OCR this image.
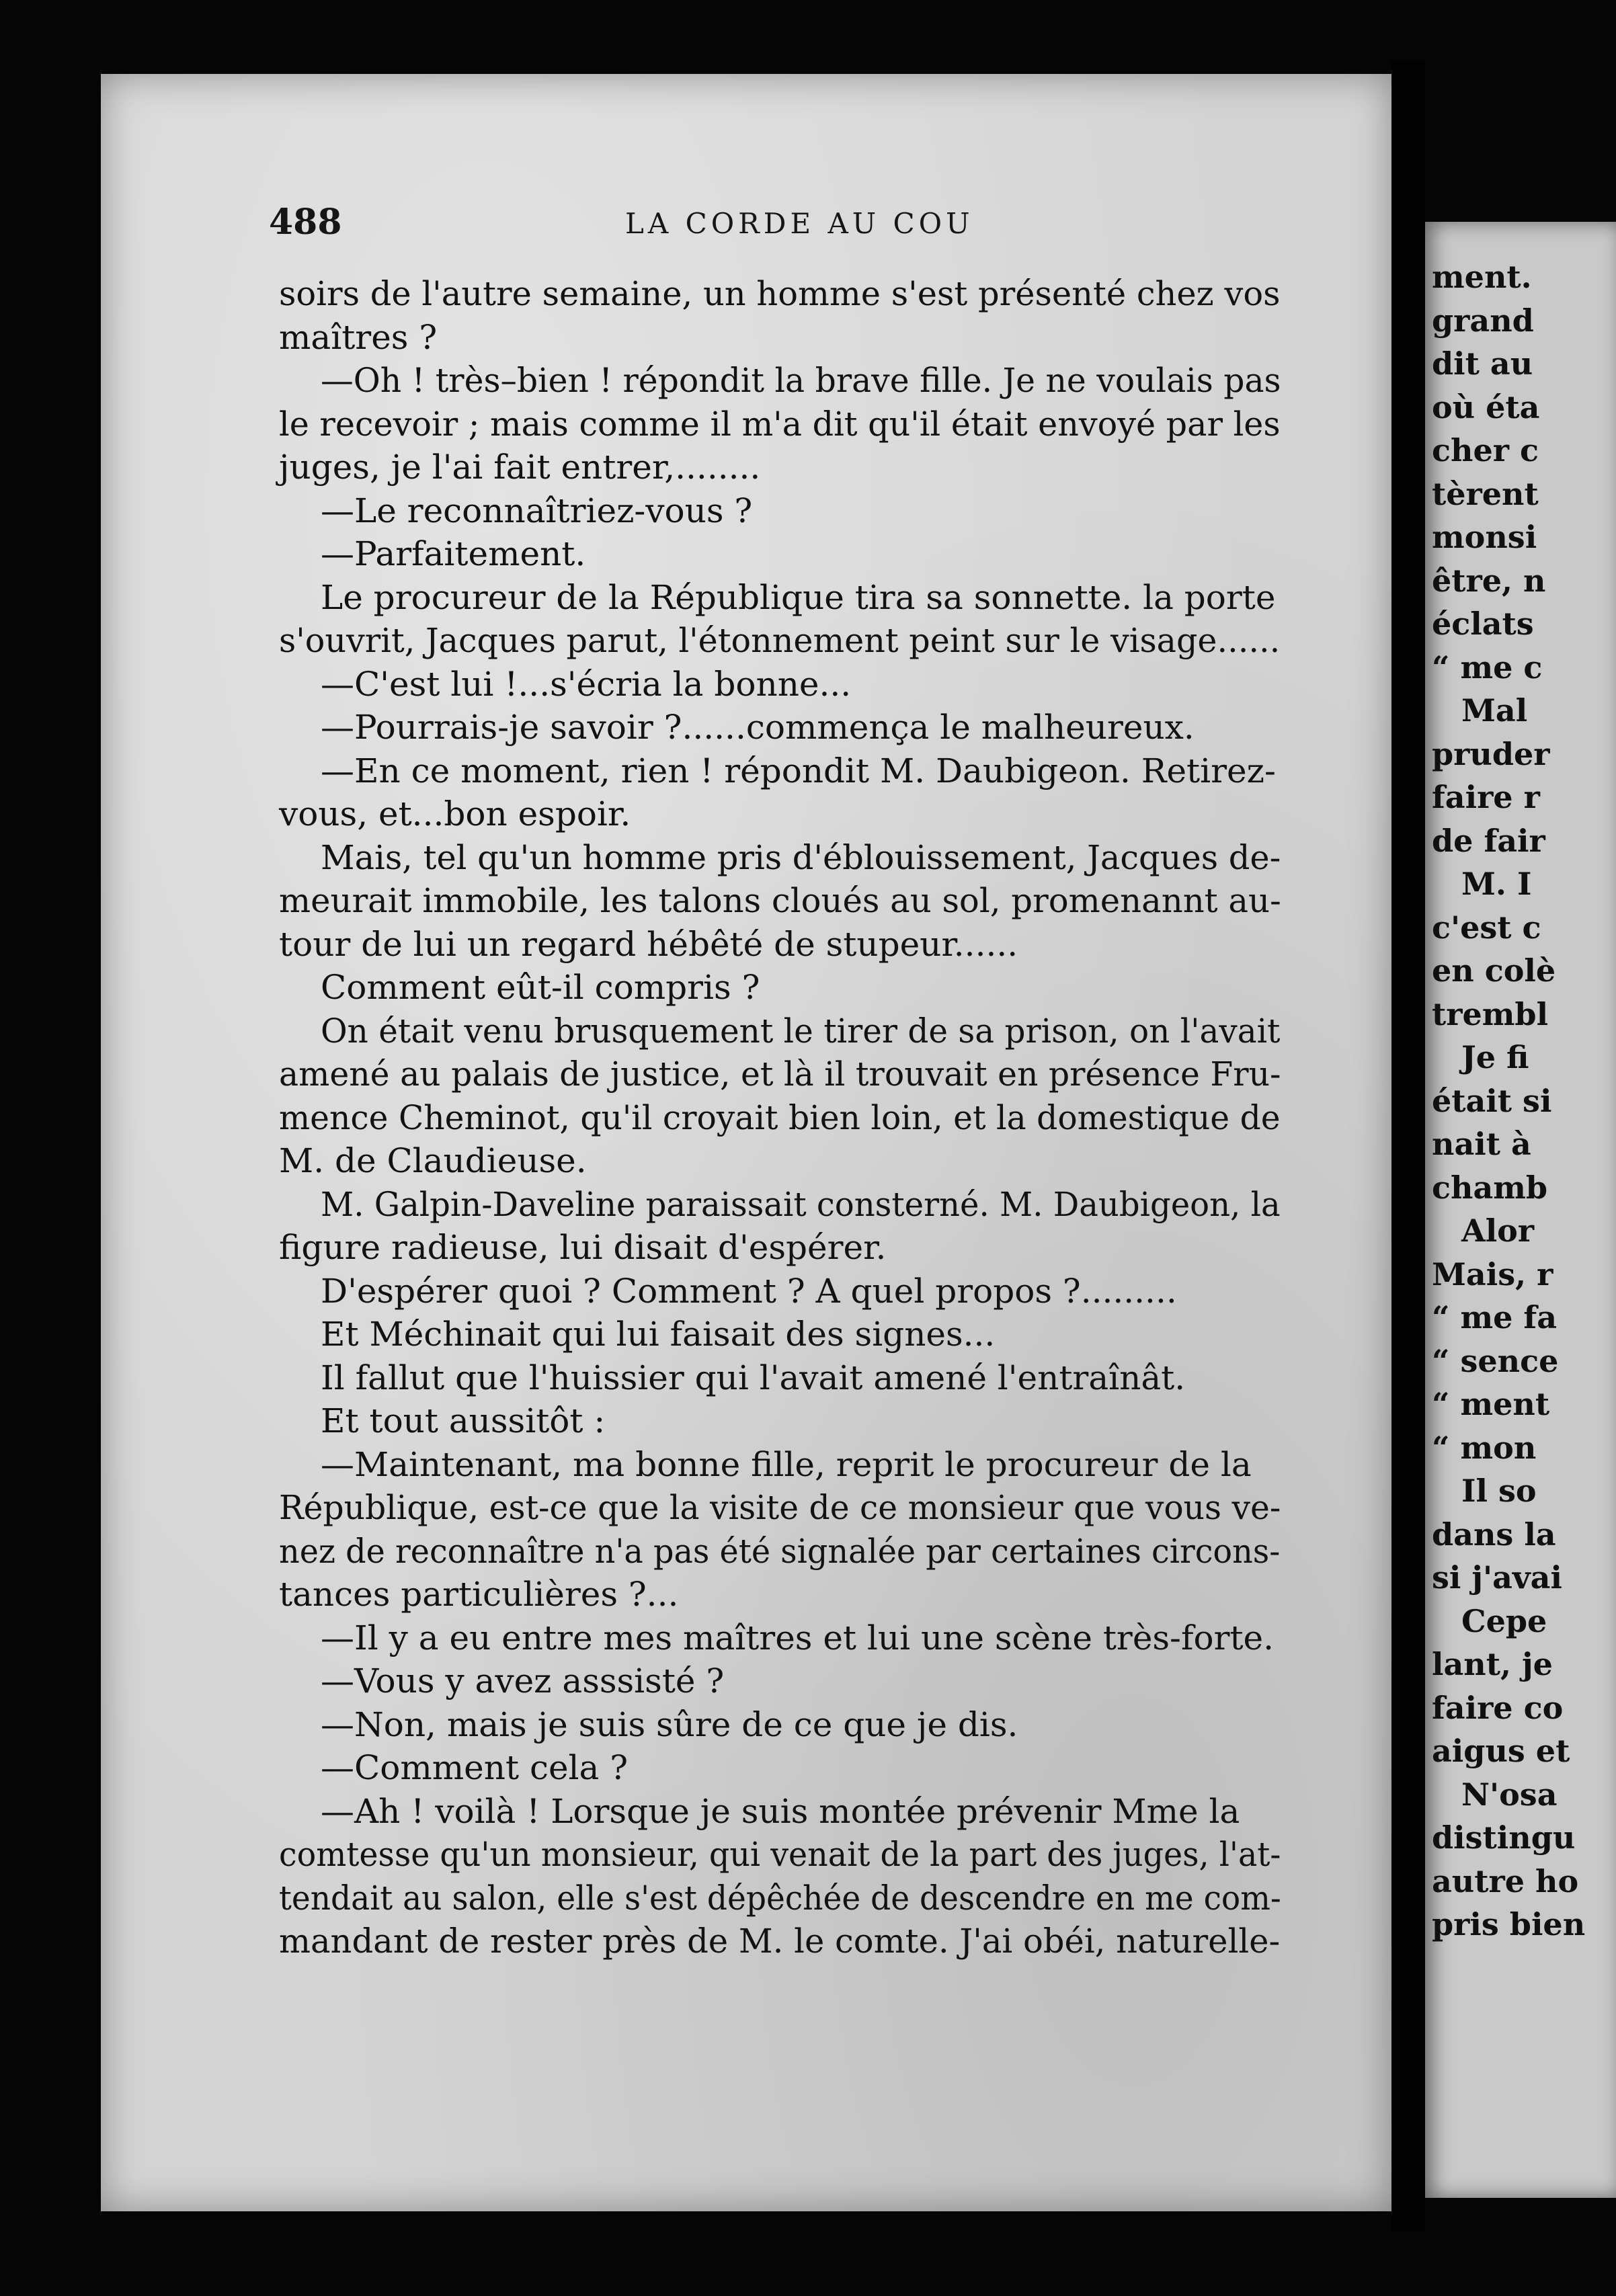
488	LA CORDE AU COU
soirs de l'autre semaine, un homme s'est présenté chez vos
maîtres ?
—Oh ! très–bien ! répondit la brave fille. Je ne voulais pas
le recevoir ; mais comme il m'a dit qu'il était envoyé par les
juges, je l'ai fait entrer,........
—Le reconnaîtriez-vous ?
—Parfaitement.
Le procureur de la République tira sa sonnette. la porte
s'ouvrit, Jacques parut, l'étonnement peint sur le visage......
—C'est lui !...s'écria la bonne...
—Pourrais-je savoir ?......commença le malheureux.
—En ce moment, rien ! répondit M. Daubigeon. Retirez-
vous, et...bon espoir.
Mais, tel qu'un homme pris d'éblouissement, Jacques de-
meurait immobile, les talons cloués au sol, promenannt au-
tour de lui un regard hébêté de stupeur......
Comment eût-il compris ?
On était venu brusquement le tirer de sa prison, on l'avait
amené au palais de justice, et là il trouvait en présence Fru-
mence Cheminot, qu'il croyait bien loin, et la domestique de
M. de Claudieuse.
M. Galpin-Daveline paraissait consterné. M. Daubigeon, la
figure radieuse, lui disait d'espérer.
D'espérer quoi ? Comment ? A quel propos ?.........
Et Méchinait qui lui faisait des signes...
Il fallut que l'huissier qui l'avait amené l'entraînât.
Et tout aussitôt :
—Maintenant, ma bonne fille, reprit le procureur de la
République, est-ce que la visite de ce monsieur que vous ve-
nez de reconnaître n'a pas été signalée par certaines circons-
tances particulières ?...
—Il y a eu entre mes maîtres et lui une scène très-forte.
—Vous y avez asssisté ?
—Non, mais je suis sûre de ce que je dis.
—Comment cela ?
—Ah ! voilà ! Lorsque je suis montée prévenir Mme la
comtesse qu'un monsieur, qui venait de la part des juges, l'at-
tendait au salon, elle s'est dépêchée de descendre en me com-
mandant de rester près de M. le comte. J'ai obéi, naturelle-
ment.
grand
dit au
où éta
cher c
tèrent
monsi
être, n
éclats
“ me c
Mal
pruder
faire r
de fair
M. I
c'est c
en colè
trembl
Je fi
était si
nait à
chamb
Alor
Mais, r
“ me fa
“ sence
“ ment
“ mon
Il so
dans la
si j'avai
Cepe
lant, je
faire co
aigus et
N'osa
distingu
autre ho
pris bien
